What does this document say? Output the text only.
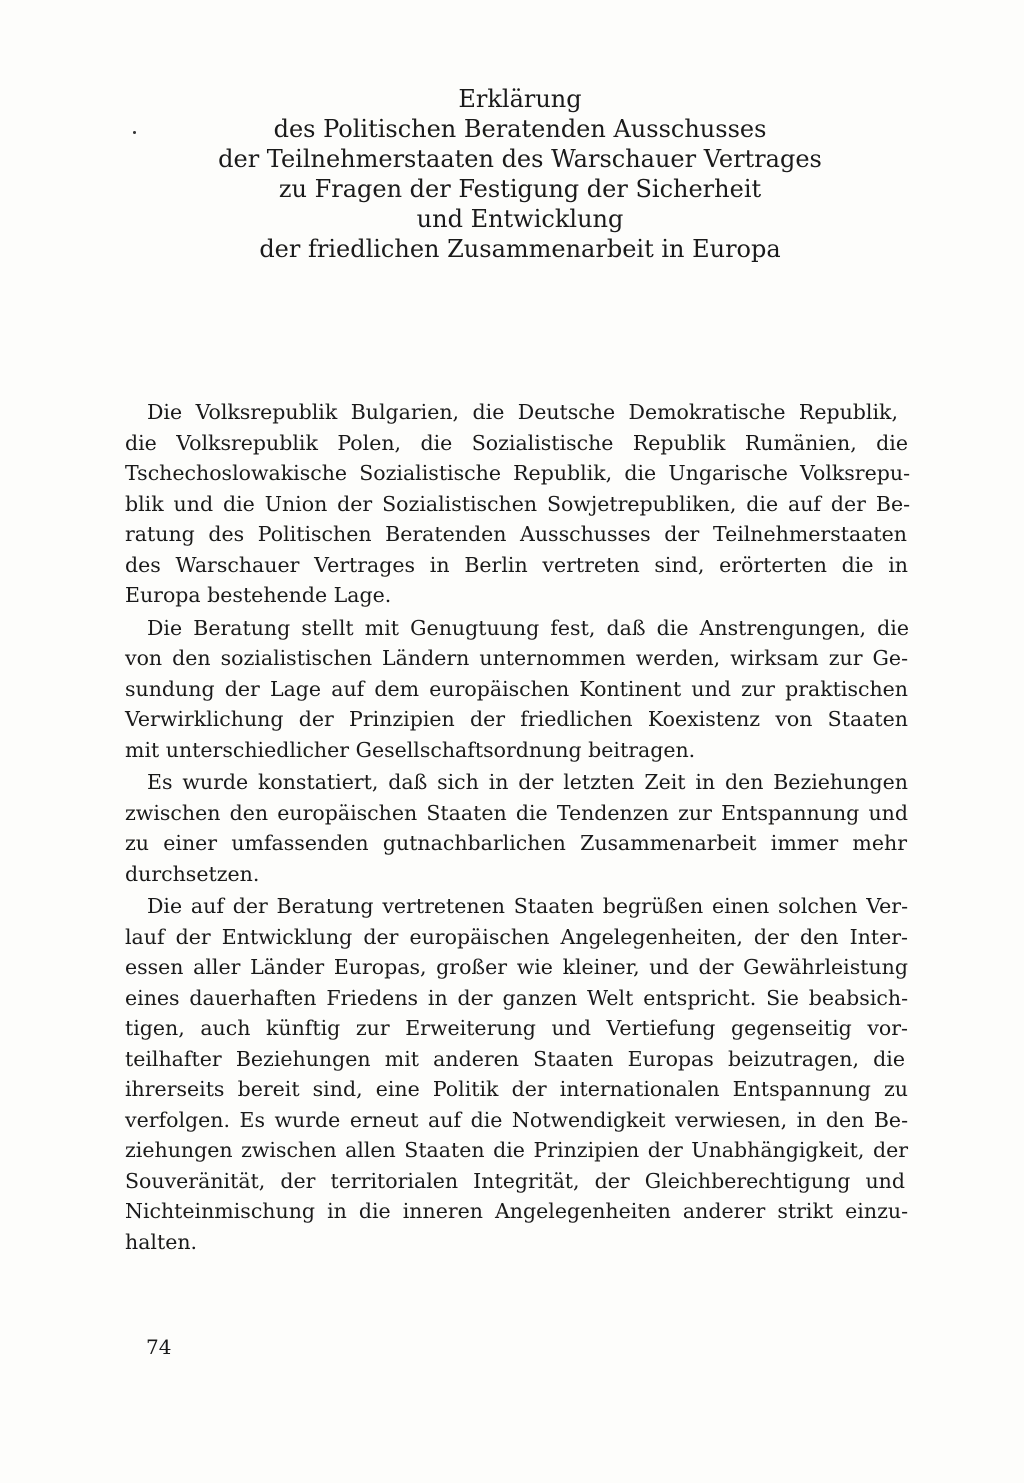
Erklärung
des Politischen Beratenden Ausschusses
der Teilnehmerstaaten des Warschauer Vertrages
zu Fragen der Festigung der Sicherheit
und Entwicklung
der friedlichen Zusammenarbeit in Europa
Die Volksrepublik Bulgarien, die Deutsche Demokratische Republik,
die Volksrepublik Polen, die Sozialistische Republik Rumänien, die
Tschechoslowakische Sozialistische Republik, die Ungarische Volksrepu-
blik und die Union der Sozialistischen Sowjetrepubliken, die auf der Be-
ratung des Politischen Beratenden Ausschusses der Teilnehmerstaaten
des Warschauer Vertrages in Berlin vertreten sind, erörterten die in
Europa bestehende Lage.
Die Beratung stellt mit Genugtuung fest, daß die Anstrengungen, die
von den sozialistischen Ländern unternommen werden, wirksam zur Ge-
sundung der Lage auf dem europäischen Kontinent und zur praktischen
Verwirklichung der Prinzipien der friedlichen Koexistenz von Staaten
mit unterschiedlicher Gesellschaftsordnung beitragen.
Es wurde konstatiert, daß sich in der letzten Zeit in den Beziehungen
zwischen den europäischen Staaten die Tendenzen zur Entspannung und
zu einer umfassenden gutnachbarlichen Zusammenarbeit immer mehr
durchsetzen.
Die auf der Beratung vertretenen Staaten begrüßen einen solchen Ver-
lauf der Entwicklung der europäischen Angelegenheiten, der den Inter-
essen aller Länder Europas, großer wie kleiner, und der Gewährleistung
eines dauerhaften Friedens in der ganzen Welt entspricht. Sie beabsich-
tigen, auch künftig zur Erweiterung und Vertiefung gegenseitig vor-
teilhafter Beziehungen mit anderen Staaten Europas beizutragen, die
ihrerseits bereit sind, eine Politik der internationalen Entspannung zu
verfolgen. Es wurde erneut auf die Notwendigkeit verwiesen, in den Be-
ziehungen zwischen allen Staaten die Prinzipien der Unabhängigkeit, der
Souveränität, der territorialen Integrität, der Gleichberechtigung und
Nichteinmischung in die inneren Angelegenheiten anderer strikt einzu-
halten.
74
